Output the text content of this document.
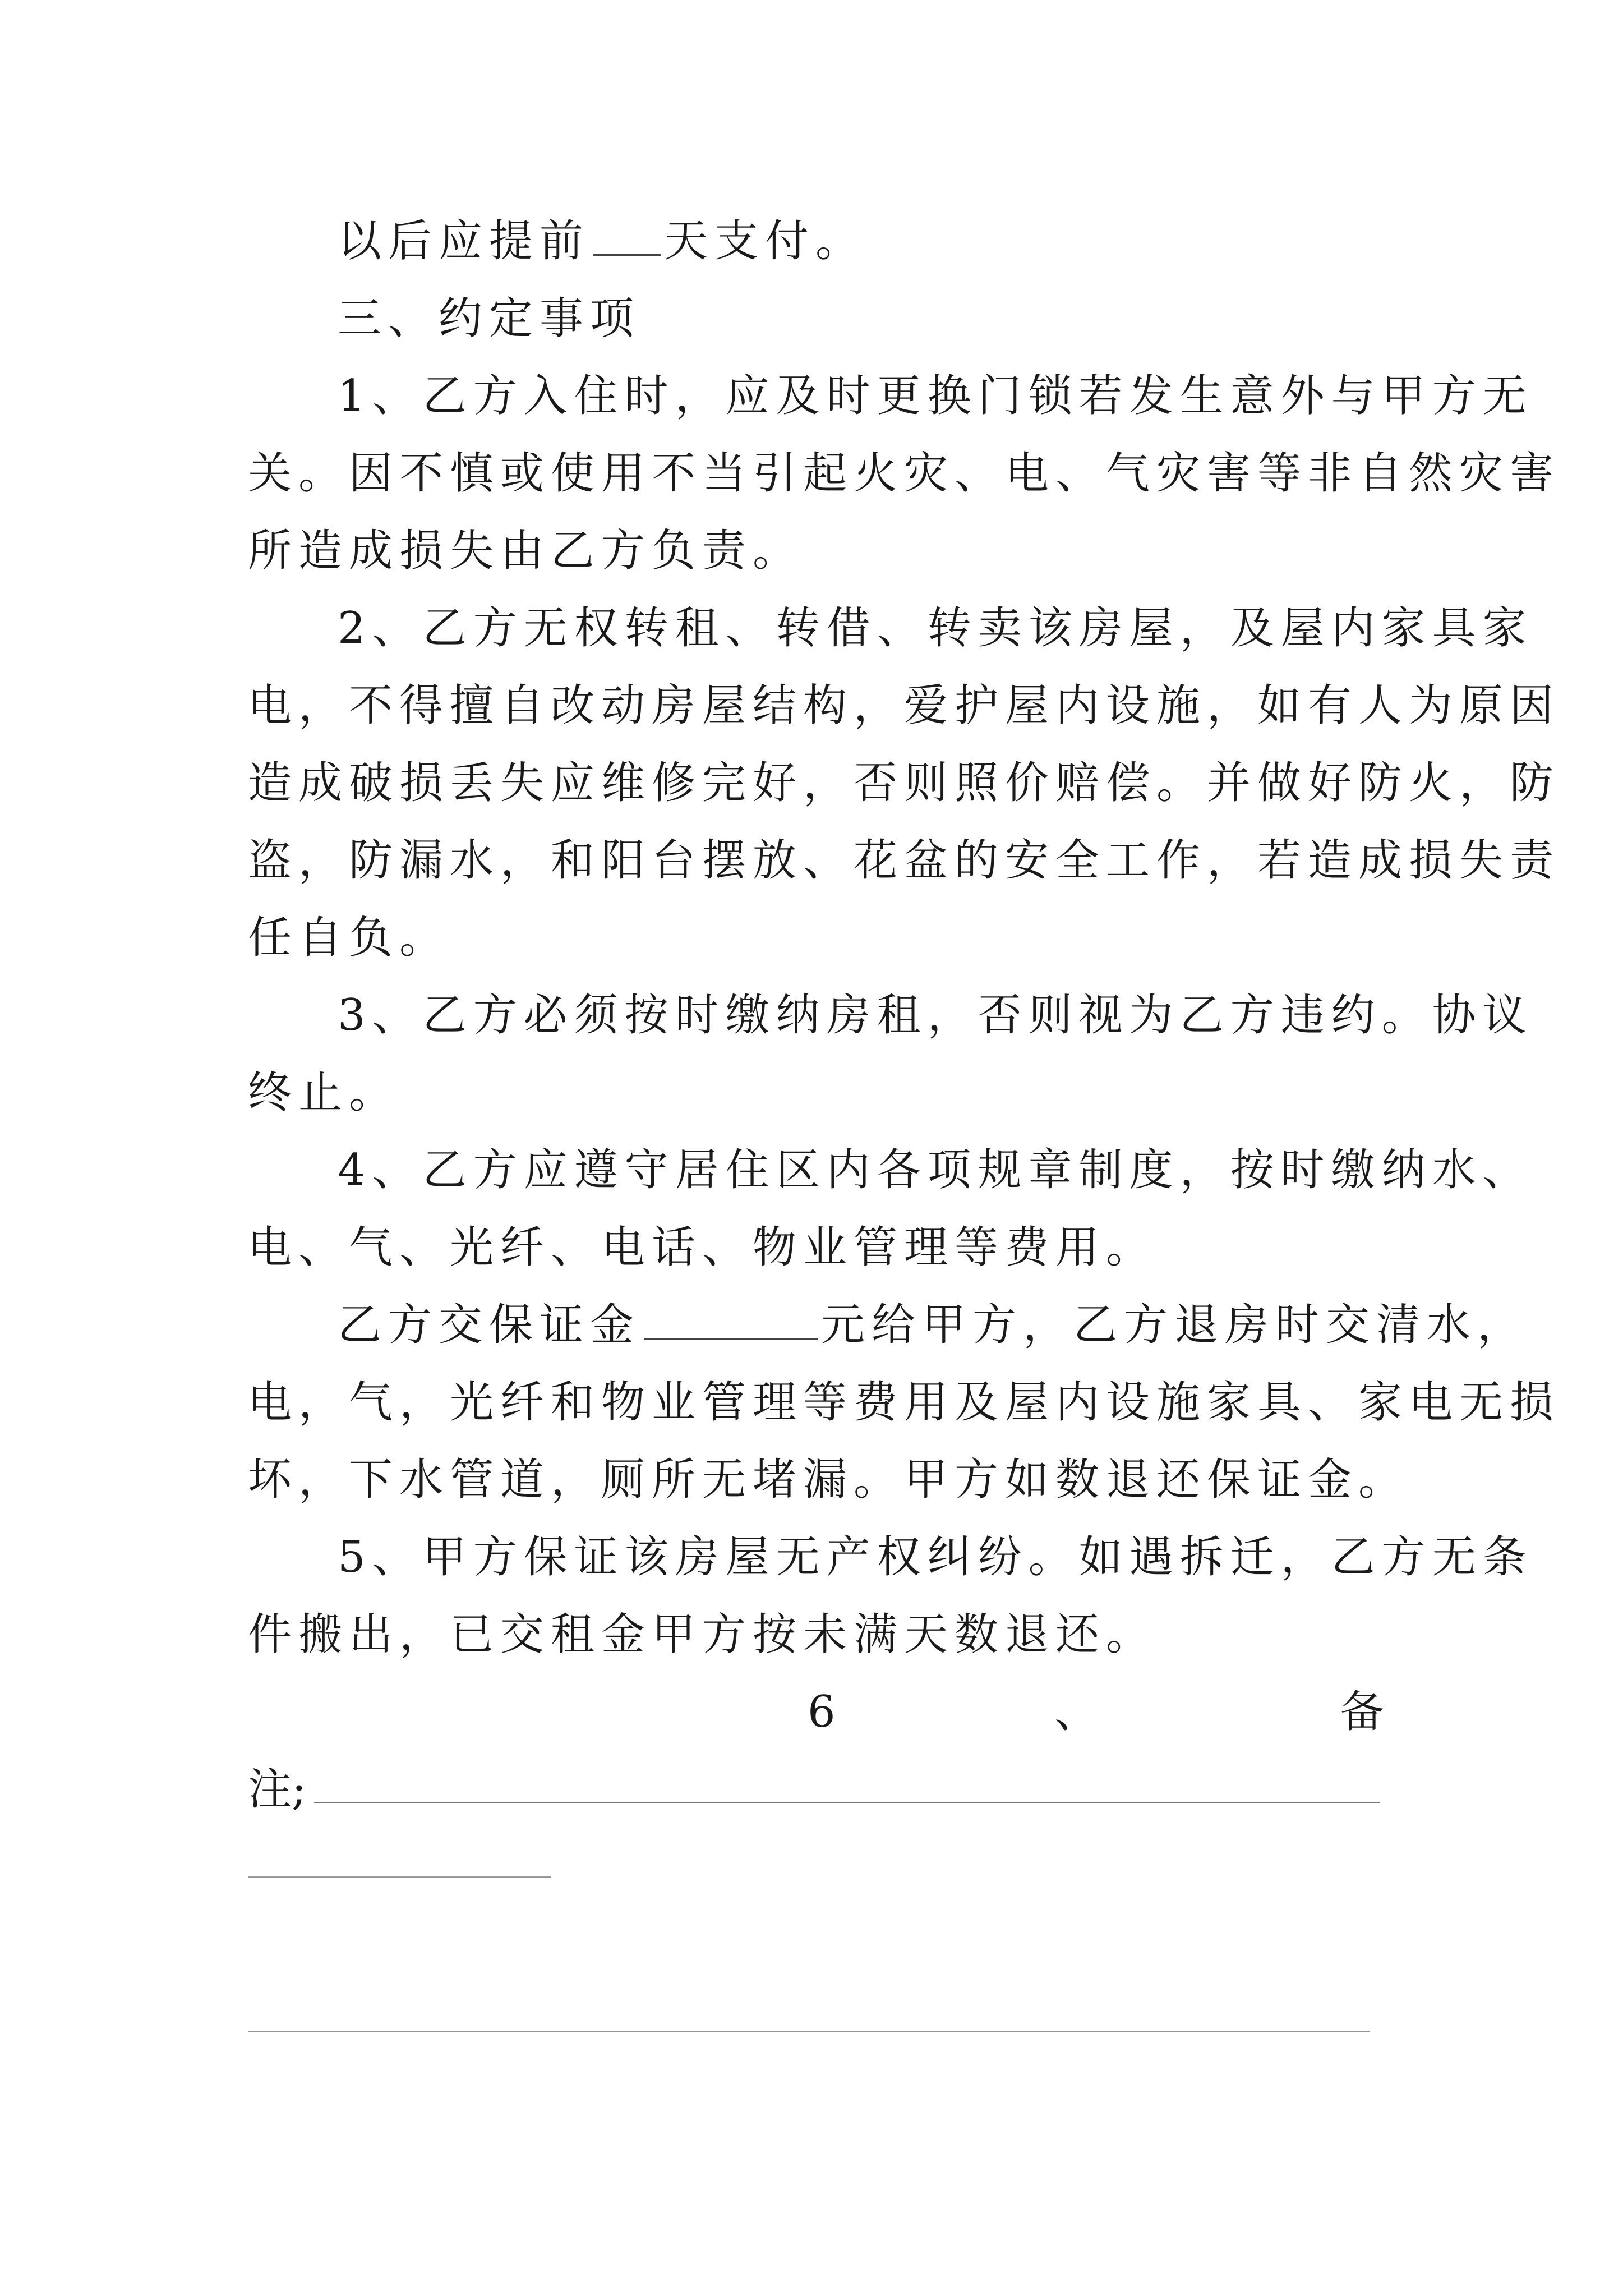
以后应提前 天支付。
三、约定事项
1、乙方入住时，应及时更换门锁若发生意外与甲方无
关。因不慎或使用不当引起火灾、电、气灾害等非自然灾害
所造成损失由乙方负责。
2、乙方无权转租、转借、转卖该房屋，及屋内家具家
电，不得擅自改动房屋结构，爱护屋内设施，如有人为原因
造成破损丢失应维修完好，否则照价赔偿。并做好防火，防
盗，防漏水，和阳台摆放、花盆的安全工作，若造成损失责
任自负。
3、乙方必须按时缴纳房租，否则视为乙方违约。协议
终止。
4、乙方应遵守居住区内各项规章制度，按时缴纳水、
电、气、光纤、电话、物业管理等费用。
乙方交保证金	元给甲方，乙方退房时交清水，
电，气，光纤和物业管理等费用及屋内设施家具、家电无损
坏，下水管道，厕所无堵漏。甲方如数退还保证金。
5、甲方保证该房屋无产权纠纷。如遇拆迁，乙方无条
件搬出，已交租金甲方按未满天数退还。
6	、	备
注;
